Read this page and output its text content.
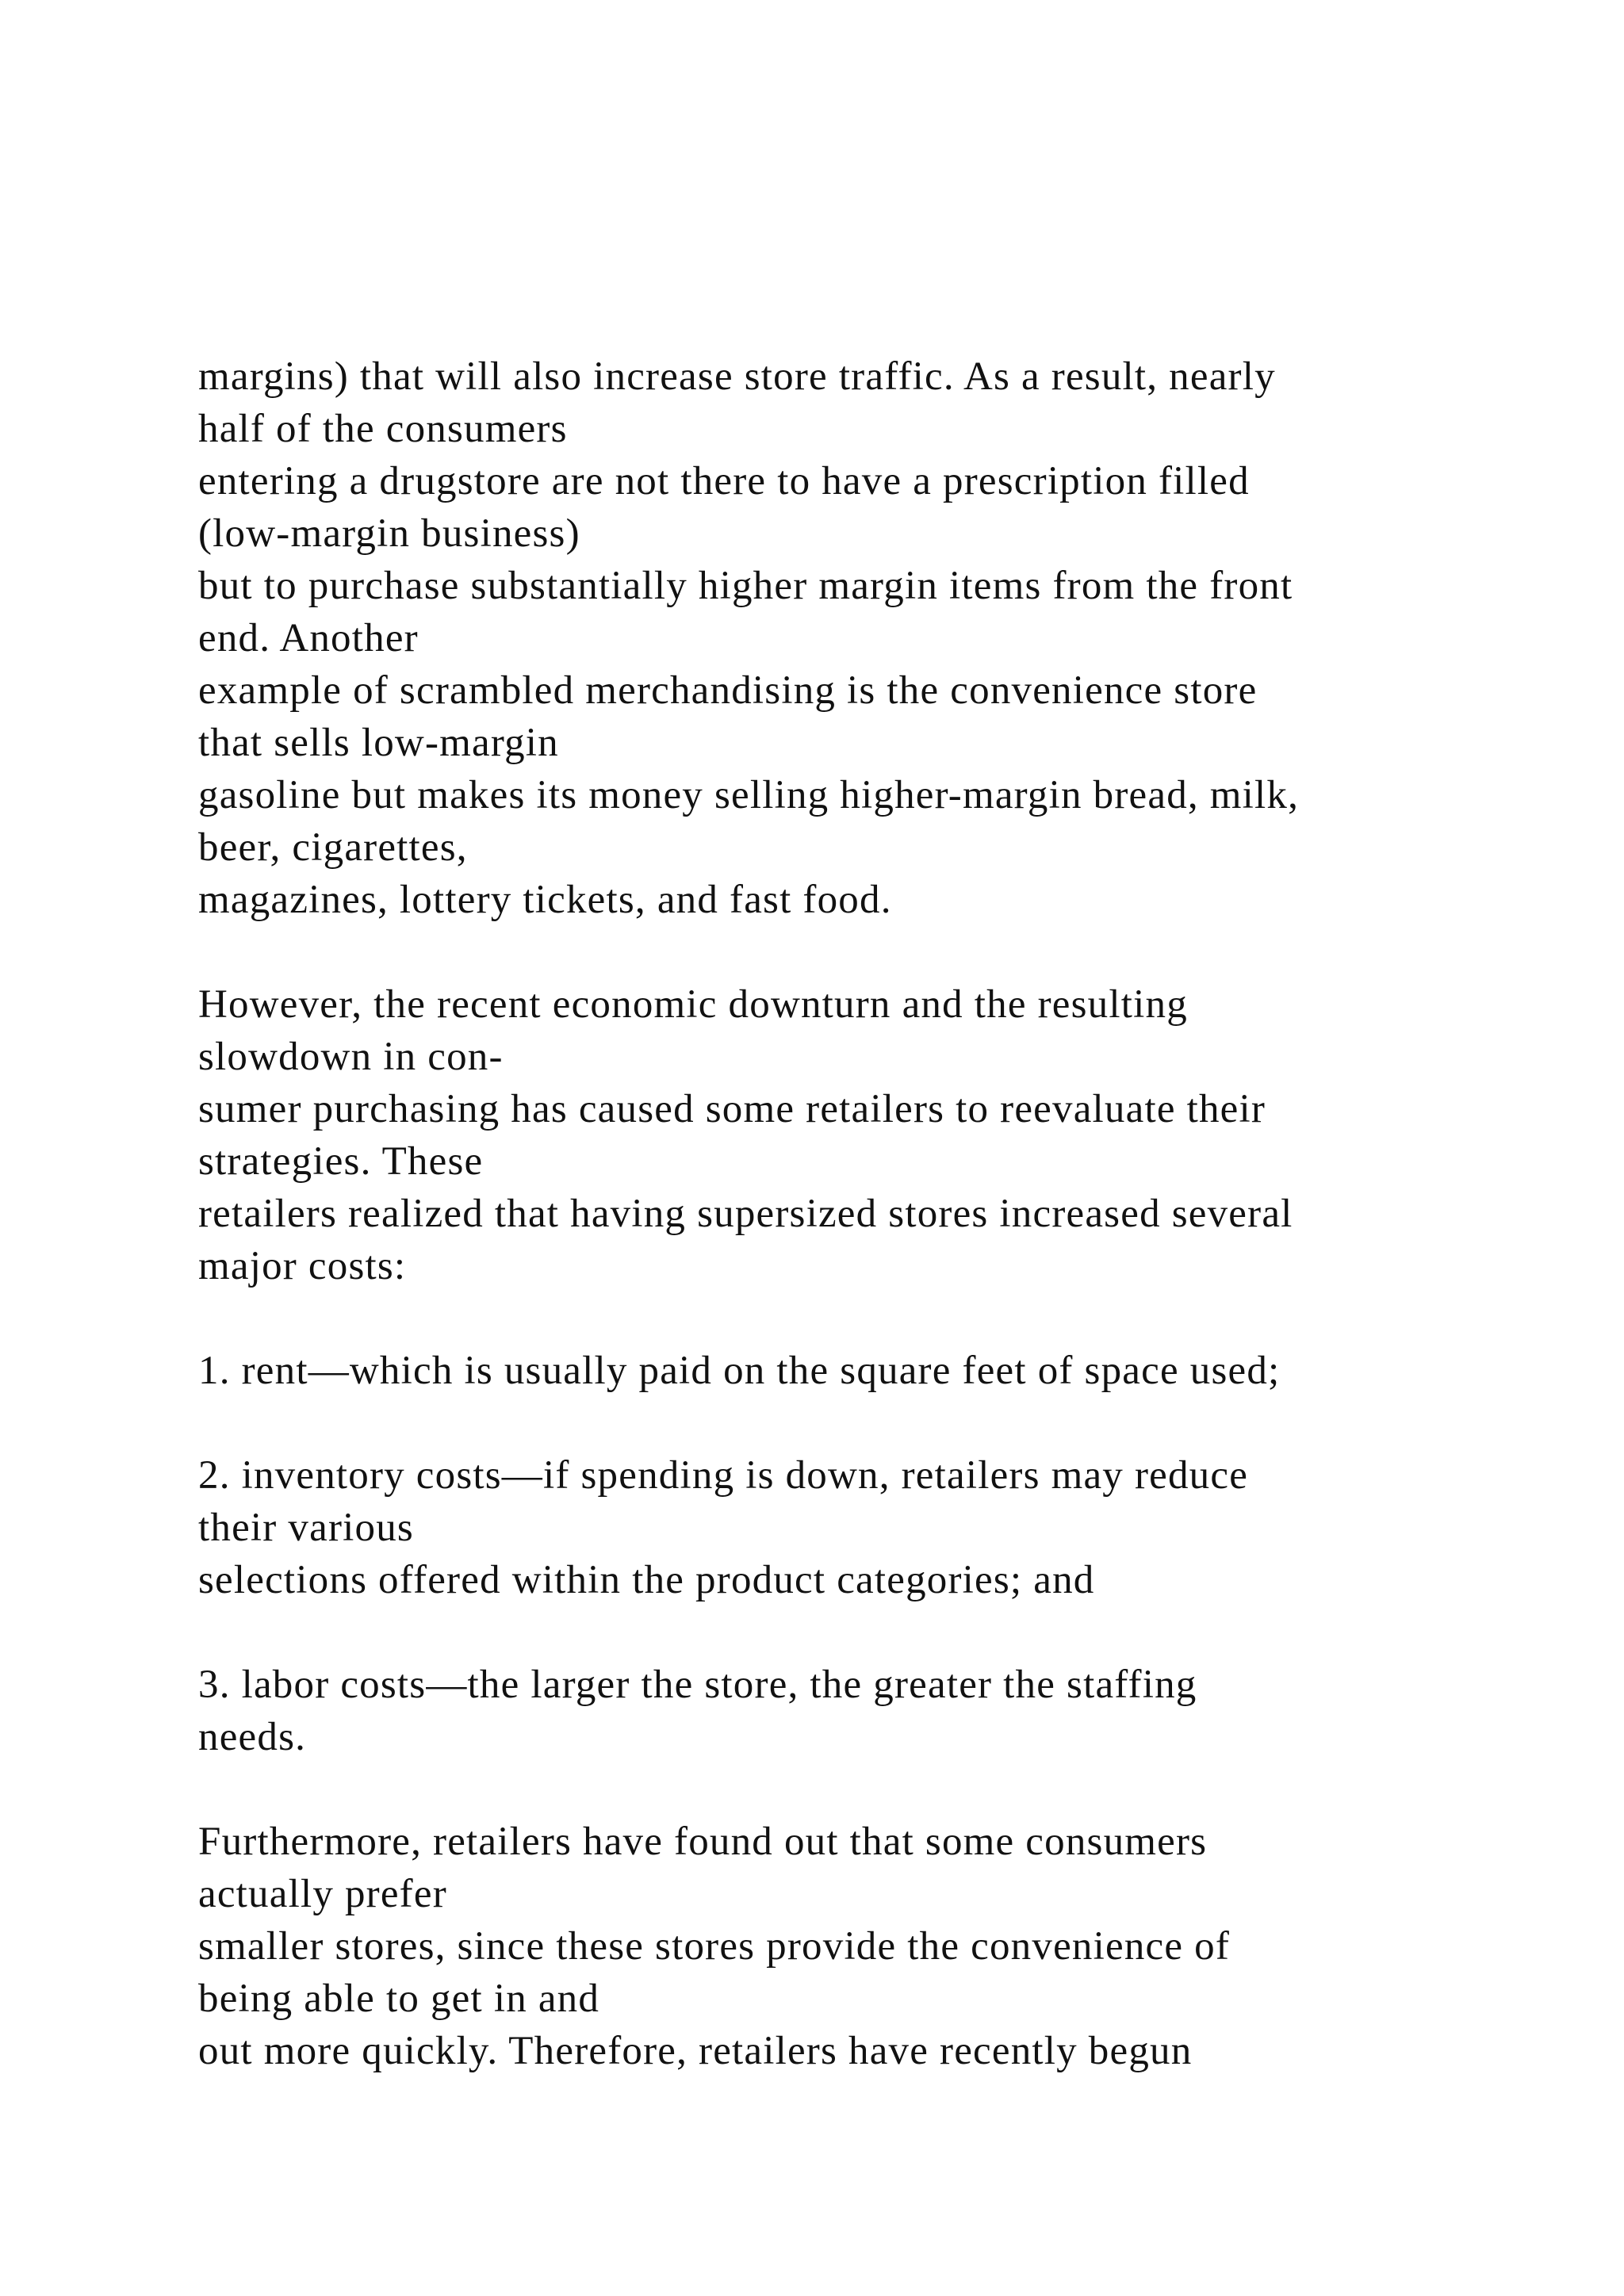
margins) that will also increase store traffic. As a result, nearly
half of the consumers
entering a drugstore are not there to have a prescription filled
(low-margin business)
but to purchase substantially higher margin items from the front
end. Another
example of scrambled merchandising is the convenience store
that sells low-margin
gasoline but makes its money selling higher-margin bread, milk,
beer, cigarettes,
magazines, lottery tickets, and fast food.
However, the recent economic downturn and the resulting
slowdown in con-
sumer purchasing has caused some retailers to reevaluate their
strategies. These
retailers realized that having supersized stores increased several
major costs:
1. rent—which is usually paid on the square feet of space used;
2. inventory costs—if spending is down, retailers may reduce
their various
selections offered within the product categories; and
3. labor costs—the larger the store, the greater the staffing
needs.
Furthermore, retailers have found out that some consumers
actually prefer
smaller stores, since these stores provide the convenience of
being able to get in and
out more quickly. Therefore, retailers have recently begun
